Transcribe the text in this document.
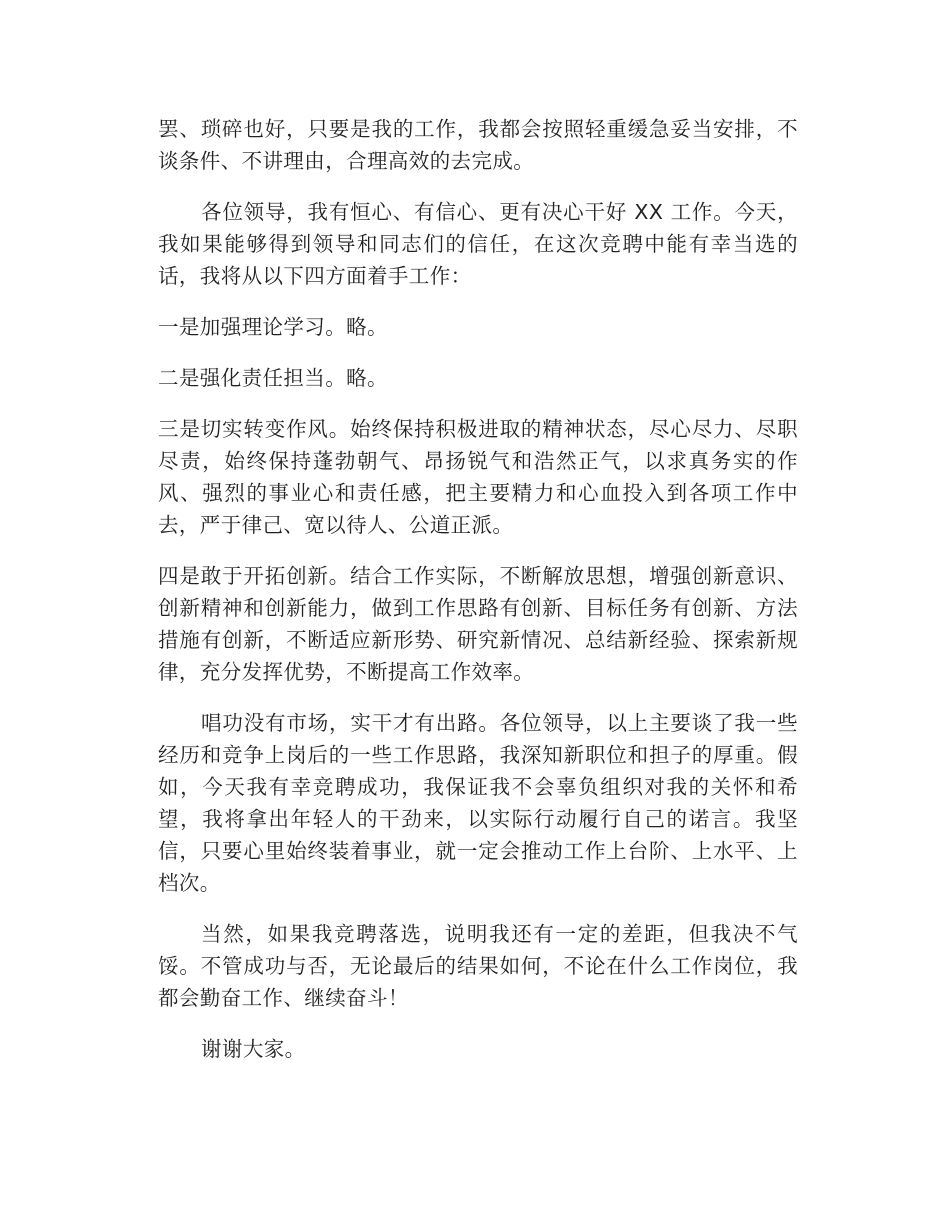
罢、琐碎也好，只要是我的工作，我都会按照轻重缓急妥当安排，不谈条件、不讲理由，合理高效的去完成。

各位领导，我有恒心、有信心、更有决心干好 XX 工作。今天，我如果能够得到领导和同志们的信任，在这次竞聘中能有幸当选的话，我将从以下四方面着手工作：

一是加强理论学习。略。

二是强化责任担当。略。

三是切实转变作风。始终保持积极进取的精神状态，尽心尽力、尽职尽责，始终保持蓬勃朝气、昂扬锐气和浩然正气，以求真务实的作风、强烈的事业心和责任感，把主要精力和心血投入到各项工作中去，严于律己、宽以待人、公道正派。

四是敢于开拓创新。结合工作实际，不断解放思想，增强创新意识、创新精神和创新能力，做到工作思路有创新、目标任务有创新、方法措施有创新，不断适应新形势、研究新情况、总结新经验、探索新规律，充分发挥优势，不断提高工作效率。

唱功没有市场，实干才有出路。各位领导，以上主要谈了我一些经历和竞争上岗后的一些工作思路，我深知新职位和担子的厚重。假如，今天我有幸竞聘成功，我保证我不会辜负组织对我的关怀和希望，我将拿出年轻人的干劲来，以实际行动履行自己的诺言。我坚信，只要心里始终装着事业，就一定会推动工作上台阶、上水平、上档次。

当然，如果我竞聘落选，说明我还有一定的差距，但我决不气馁。不管成功与否，无论最后的结果如何，不论在什么工作岗位，我都会勤奋工作、继续奋斗！

谢谢大家。
